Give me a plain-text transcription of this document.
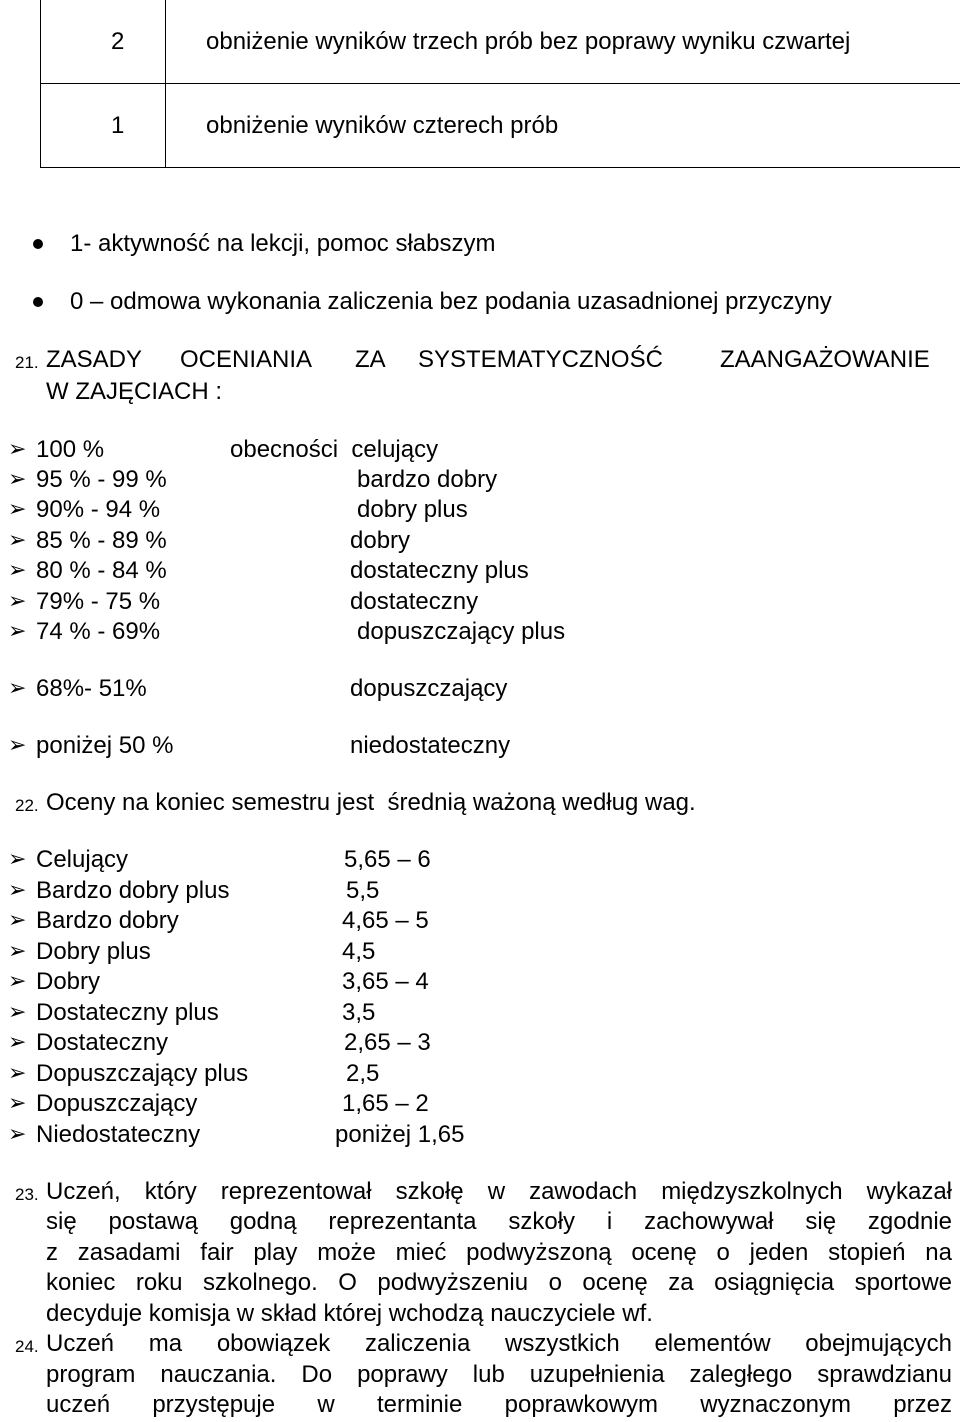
2	obniżenie wyników trzech prób bez poprawy wyniku czwartej
1	obniżenie wyników czterech prób
1- aktywność na lekcji, pomoc słabszym
0 – odmowa wykonania zaliczenia bez podania uzasadnionej przyczyny
21. ZASADY OCENIANIA ZA SYSTEMATYCZNOŚĆ ZAANGAŻOWANIE
W ZAJĘCIACH :
➢ 100 %	obecności  celujący
➢ 95 % - 99 %	bardzo dobry
➢ 90% - 94 %	dobry plus
➢ 85 % - 89 %	dobry
➢ 80 % - 84 %	dostateczny plus
➢ 79% - 75 %	dostateczny
➢ 74 % - 69%	dopuszczający plus
➢ 68%- 51%	dopuszczający
➢ poniżej 50 %	niedostateczny
22. Oceny na koniec semestru jest  średnią ważoną według wag.
➢ Celujący	5,65 – 6
➢ Bardzo dobry plus	5,5
➢ Bardzo dobry	4,65 – 5
➢ Dobry plus	4,5
➢ Dobry	3,65 – 4
➢ Dostateczny plus	3,5
➢ Dostateczny	2,65 – 3
➢ Dopuszczający plus	2,5
➢ Dopuszczający	1,65 – 2
➢ Niedostateczny	poniżej 1,65
23. Uczeń, który reprezentował szkołę w zawodach międzyszkolnych wykazał
się postawą godną reprezentanta szkoły i zachowywał się zgodnie
z zasadami fair play może mieć podwyższoną ocenę o jeden stopień na
koniec roku szkolnego. O podwyższeniu o ocenę za osiągnięcia sportowe
decyduje komisja w skład której wchodzą nauczyciele wf.
24. Uczeń ma obowiązek zaliczenia wszystkich elementów obejmujących
program nauczania. Do poprawy lub uzupełnienia zaległego sprawdzianu
uczeń przystępuje w terminie poprawkowym wyznaczonym przez
